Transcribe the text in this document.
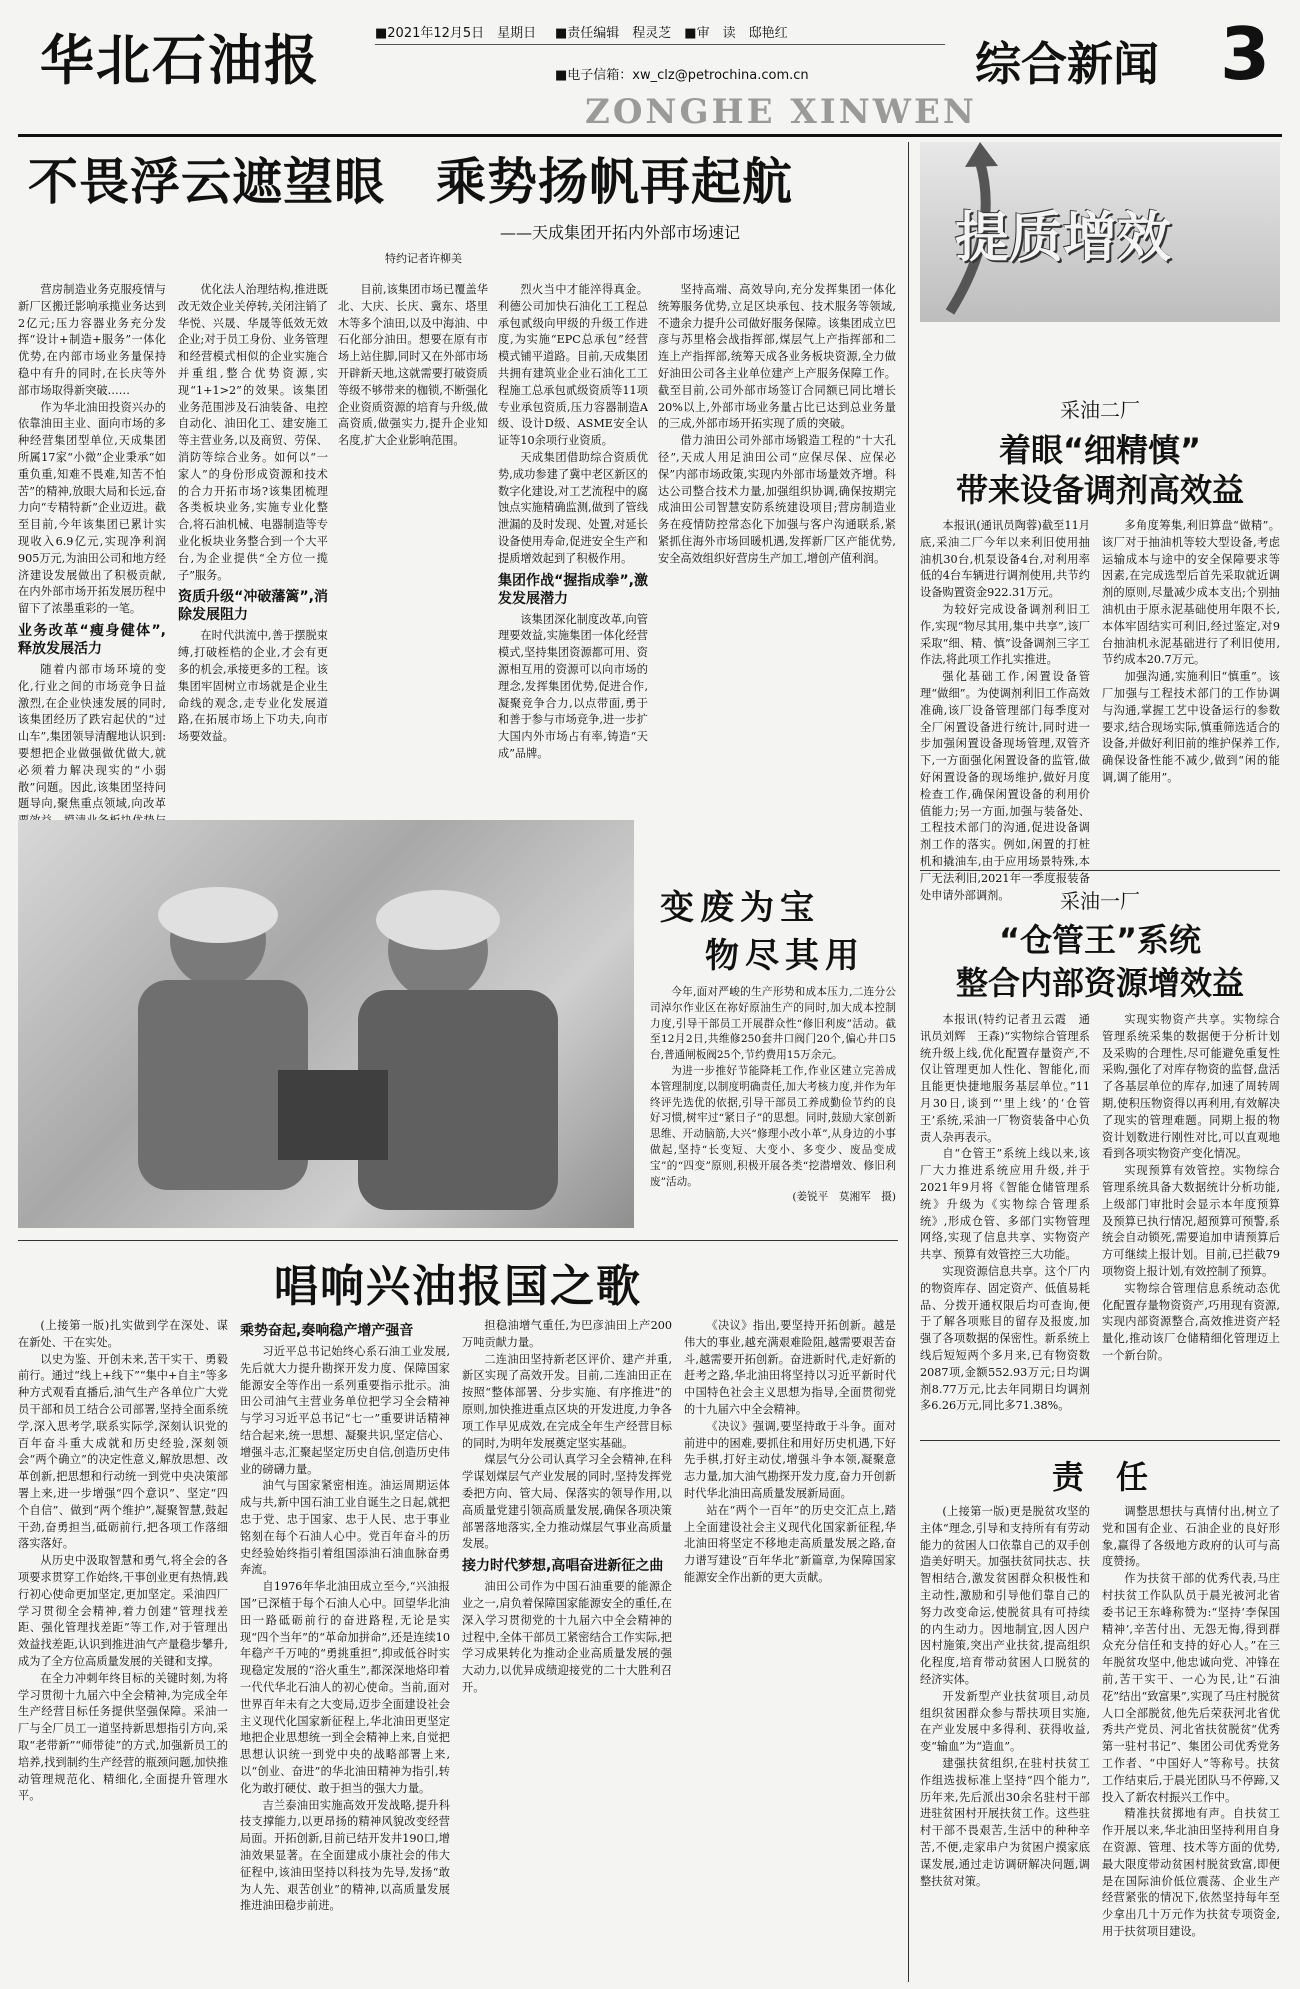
华北石油报	■2021年12月5日　星期日 ■责任编辑　程灵芝　■审　读　邸艳红
■电子信箱：xw_clz@petrochina.com.cn	综合新闻 3
ZONGHE XINWEN
不畏浮云遮望眼　乘势扬帆再起航
——天成集团开拓内外部市场速记
特约记者许柳美

营房制造业务克服疫情与新厂区搬迁影响承揽业务达到2亿元;压力容器业务充分发挥“设计+制造+服务”一体化优势,在内部市场业务量保持稳中有升的同时,在长庆等外部市场取得新突破……

作为华北油田投资兴办的依靠油田主业、面向市场的多种经营集团型单位,天成集团所属17家“小微”企业秉承“如重负重,知难不畏难,知苦不怕苦”的精神,放眼大局和长远,奋力向“专精特新”企业迈进。截至目前,今年该集团已累计实现收入6.9亿元,实现净利润905万元,为油田公司和地方经济建设发展做出了积极贡献,在内外部市场开拓发展历程中留下了浓墨重彩的一笔。

业务改革“瘦身健体”,释放发展活力

随着内部市场环境的变化,行业之间的市场竞争日益激烈,在企业快速发展的同时,该集团经历了跌宕起伏的“过山车”,集团领导清醒地认识到:要想把企业做强做优做大,就必须着力解决现实的“小弱散”问题。因此,该集团坚持问题导向,聚焦重点领域,向改革

优化法人治理结构,推进既改无效企业关停转,关闭注销了华悦、兴晟、华晟等低效无效企业;对于员工身份、业务管理和经营模式相似的企业实施合并重组,整合优势资源,实现“1+1>2”的效果。该集团业务范围涉及石油装备、电控自动化、油田化工、建安施工等主营业务,以及商贸、劳保、消防等综合业务。如何以“一家人”的身份形成资源和技术的合力开拓市场?该集团梳理各类板块业务,实施专业化整合,将石油机械、电器制造等专业化板块业务整合到一个大平台,为企业提供“全方位一揽子”服务。

资质升级“冲破藩篱”,消除发展阻力

在时代洪流中,善于摆脱束缚,打破桎梏的企业,才会有更多的机会,承接更多的工程。该集团牢固树立市场就是企业生命线的观念,走专业化发展道路,在拓展市场上下功夫,向市场要效益。

目前,该集团市场已覆盖华北、大庆、长庆、冀东、塔里木等多个油田,以及中海油、中石化部分油田。想要在原有市场上站住脚,同时又在外部市场开辟新天地,这就需要打破资质等级不够带来的枷锁,不断强化企业资质资源的培育与升级,做高资质,做强实力,提升企业知名度,扩大企业影响范围。

烈火当中才能淬得真金。利德公司加快石油化工工程总承包贰级向甲级的升级工作进度,为实施“EPC总承包”经营模式铺平道路。目前,天成集团共拥有建筑业企业石油化工工程施工总承包贰级资质等11项专业承包资质,压力容器制造A级、设计D级、ASME安全认证等10余项行业资质。

天成集团借助综合资质优势,成功参建了冀中老区新区的数字化建设,对工艺流程中的腐蚀点实施精确监测,做到了管线泄漏的及时发现、处置,对延长设备使用寿命,促进安全生产和提质增效起到了积极作用。

集团作战“握指成拳”,激发发展潜力

该集团深化制度改革,向管理要效益,实施集团一体化经营模式,坚持集团资源都可用、资源相互用的资源可以向市场的理念,发挥集团优势,促进合作,凝聚竞争合力,以点带面,勇于和善于参与市场竞争,进一步扩大国内外市场占有率,铸造“天成”品牌。

坚持高端、高效导向,充分发挥集团一体化统筹服务优势,立足区块承包、技术服务等领域,不遗余力提升公司做好服务保障。该集团成立巴彦与苏里格会战指挥部,煤层气上产指挥部和二连上产指挥部,统筹天成各业务板块资源,全力做好油田公司各主业单位建产上产服务保障工作。截至目前,公司外部市场签订合同额已同比增长20%以上,外部市场业务量占比已达到总业务量的三成,外部市场开拓实现了质的突破。

借力油田公司外部市场锻造工程的“十大孔径”,天成人用足油田公司“应保尽保、应保必保”内部市场政策,实现内外部市场量效齐增。科达公司整合技术力量,加强组织协调,确保按期完成油田公司智慧安防系统建设项目;营房制造业务在疫情防控常态化下加强与客户沟通联系,紧紧抓住海外市场回暖机遇,发挥新厂区产能优势,安全高效组织好营房生产加工,增创产值利润。

提质增效
采油二厂
着眼“细精慎”
带来设备调剂高效益

本报讯(通讯员陶蓉)截至11月底,采油二厂今年以来利旧使用抽油机30台,机泵设备4台,对利用率低的4台车辆进行调剂使用,共节约设备购置资金922.31万元。

为较好完成设备调剂利旧工作,实现“物尽其用,集中共享”,该厂采取“细、精、慎”设备调剂三字工作法,将此项工作扎实推进。

强化基础工作,闲置设备管理“做细”。为使调剂利旧工作高效准确,该厂设备管理部门每季度对全厂闲置设备进行统计,同时进一步加强闲置设备现场管理,双管齐下,一方面强化闲置设备的监管,做好闲置设备的现场维护,做好月度检查工作,确保闲置设备的利用价值能力;另一方面,加强与装备处、工程技术部门的沟通,促进设备调剂工作的落实。例如,闲置的打桩机和撬油车,由于应用场景特殊,本厂无法利旧,2021年一季度报装备处申请外部调剂。

多角度筹集,利旧算盘“做精”。该厂对于抽油机等较大型设备,考虑运输成本与途中的安全保障要求等因素,在完成选型后首先采取就近调剂的原则,尽量减少成本支出;个别抽油机由于原永泥基础使用年限不长,本体牢固结实可利旧,经过鉴定,对9台抽油机永泥基础进行了利旧使用,节约成本20.7万元。

加强沟通,实施利旧“慎重”。该厂加强与工程技术部门的工作协调与沟通,掌握工艺中设备运行的参数要求,结合现场实际,慎重筛选适合的设备,并做好利旧前的维护保养工作,确保设备性能不减少,做到“闲的能调,调了能用”。

变废为宝
物尽其用

今年,面对严峻的生产形势和成本压力,二连分公司淖尔作业区在祢好原油生产的同时,加大成本控制力度,引导干部员工开展群众性“修旧利废”活动。截至12月2日,共维修250套井口阀门20个,偏心井口5台,普通闸板阀25个,节约费用15万余元。

为进一步推好节能降耗工作,作业区建立完善成本管理制度,以制度明确责任,加大考核力度,并作为年终评先选优的依据,引导干部员工养成勤俭节约的良好习惯,树牢过“紧日子”的思想。同时,鼓励大家创新思维、开动脑筋,大兴“修理小改小革”,从身边的小事做起,坚持“长变短、大变小、多变少、废品变成宝”的“四变”原则,积极开展各类“挖潜增效、修旧利废”活动。

(姜锐平　莫湘军　摄)
采油一厂
“仓管王”系统
整合内部资源增效益

本报讯(特约记者丑云霞　通讯员刘辉　王森)“实物综合管理系统升级上线,优化配置存量资产,不仅让管理更加人性化、智能化,而且能更快捷地服务基层单位。”11月30日,谈到“‘里上线’的‘仓管王’系统,采油一厂物资装备中心负责人杂再表示。

自“仓管王”系统上线以来,该厂大力推进系统应用升级,并于2021年9月将《智能仓储管理系统》升级为《实物综合管理系统》,形成仓管、多部门实物管理网络,实现了信息共享、实物资产共享、预算有效管控三大功能。

实现资源信息共享。这个厂内的物资库存、固定资产、低值易耗品、分拨开通权限后均可查询,便于了解各项账目的留存及报废,加强了各项数据的保密性。新系统上线后短短两个多月来,已有物资数2087项,金额552.93万元;日均调剂8.77万元,比去年同期日均调剂多6.26万元,同比多71.38%。

实现实物资产共享。实物综合管理系统采集的数据便于分析计划及采购的合理性,尽可能避免重复性采购,强化了对库存物资的监督,盘活了各基层单位的库存,加速了周转周期,使积压物资得以再利用,有效解决了现实的管理难题。同期上报的物资计划数进行刚性对比,可以直观地看到各项实物资产变化情况。

实现预算有效管控。实物综合管理系统具备大数据统计分析功能,上级部门审批时会显示本年度预算及预算已执行情况,超预算可预警,系统会自动锁死,需要追加申请预算后方可继续上报计划。目前,已拦截79项物资上报计划,有效控制了预算。

实物综合管理信息系统动态优化配置存量物资资产,巧用现有资源,实现内部资源整合,高效推进资产轻量化,推动该厂仓储精细化管理迈上一个新台阶。

唱响兴油报国之歌

(上接第一版)扎实做到学在深处、谋在新处、干在实处。

以史为鉴、开创未来,苦干实干、勇毅前行。通过“线上+线下”“集中+自主”等多种方式观看直播后,油气生产各单位广大党员干部和员工结合公司部署,坚持全面系统学,深入思考学,联系实际学,深刻认识党的百年奋斗重大成就和历史经验,深刻领会“两个确立”的决定性意义,解放思想、改革创新,把思想和行动统一到党中央决策部署上来,进一步增强“四个意识”、坚定“四个自信”、做到“两个维护”,凝聚智慧,鼓起干劲,奋勇担当,砥砺前行,把各项工作落细落实落好。

从历史中汲取智慧和勇气,将全会的各项要求贯穿工作始终,干事创业更有热情,践行初心使命更加坚定,更加坚定。采油四厂学习贯彻全会精神,着力创建“管理找差距、强化管理找差距”等工作,对于管理出效益找差距,认识到推进油气产量稳步攀升,成为了全方位高质量发展的关键和支撑。

在全力冲刺年终目标的关键时刻,为将学习贯彻十九届六中全会精神,为完成全年生产经营目标任务提供坚强保障。采油一厂与全厂员工一道坚持新思想指引方向,采取“老带新”“师带徒”的方式,加强新员工的培养,找到制约生产经营的瓶颈问题,加快推动管理规范化、精细化,全面提升管理水平。

乘势奋起,奏响稳产增产强音

习近平总书记始终心系石油工业发展,先后就大力提升勘探开发力度、保障国家能源安全等作出一系列重要指示批示。油田公司油气主营业务单位把学习全会精神与学习习近平总书记“七一”重要讲话精神结合起来,统一思想、凝聚共识,坚定信心、增强斗志,汇聚起坚定历史自信,创造历史伟业的磅礴力量。

油气与国家紧密相连。油运周期运体成与共,新中国石油工业自诞生之日起,就把忠于党、忠于国家、忠于人民、忠于事业铭刻在每个石油人心中。党百年奋斗的历史经验始终指引着组国添油石油血脉奋勇奔流。

自1976年华北油田成立至今,“兴油报国”已深植于每个石油人心中。回望华北油田一路砥砺前行的奋进路程,无论是实现“四个当年”的“革命加拼命”,还是连续10年稳产千万吨的“勇挑重担”,抑或低谷时实现稳定发展的“浴火重生”,都深深地烙印着一代代华北石油人的初心使命。当前,面对世界百年未有之大变局,迈步全面建设社会主义现代化国家新征程上,华北油田更坚定地把企业思想统一到全会精神上来,自觉把思想认识统一到党中央的战略部署上来,以“创业、奋进”的华北油田精神为指引,转化为敢打硬仗、敢于担当的强大力量。

吉兰泰油田实施高效开发战略,提升科技支撑能力,以更昂扬的精神风貌改变经营局面。开拓创新,目前已结开发井190口,增油效果显著。在全面建成小康社会的伟大征程中,该油田坚持以科技为先导,发扬“敢为人先、艰苦创业”的精神,以高质量发展推进油田稳步前进。

担稳油增气重任,为巴彦油田上产200万吨贡献力量。

二连油田坚持新老区评价、建产并重,新区实现了高效开发。目前,二连油田正在按照“整体部署、分步实施、有序推进”的原则,加快推进重点区块的开发进度,力争各项工作早见成效,在完成全年生产经营目标的同时,为明年发展奠定坚实基础。

煤层气分公司认真学习全会精神,在科学谋划煤层气产业发展的同时,坚持发挥党委把方向、管大局、保落实的领导作用,以高质量党建引领高质量发展,确保各项决策部署落地落实,全力推动煤层气事业高质量发展。

接力时代梦想,高唱奋进新征之曲

油田公司作为中国石油重要的能源企业之一,肩负着保障国家能源安全的重任,在深入学习贯彻党的十九届六中全会精神的过程中,全体干部员工紧密结合工作实际,把学习成果转化为推动企业高质量发展的强大动力,以优异成绩迎接党的二十大胜利召开。

《决议》指出,要坚持开拓创新。越是伟大的事业,越充满艰难险阻,越需要艰苦奋斗,越需要开拓创新。奋进新时代,走好新的赶考之路,华北油田将坚持以习近平新时代中国特色社会主义思想为指导,全面贯彻党的十九届六中全会精神。

《决议》强调,要坚持敢于斗争。面对前进中的困难,要抓住和用好历史机遇,下好先手棋,打好主动仗,增强斗争本领,凝聚意志力量,加大油气勘探开发力度,奋力开创新时代华北油田高质量发展新局面。

站在“两个一百年”的历史交汇点上,踏上全面建设社会主义现代化国家新征程,华北油田将坚定不移地走高质量发展之路,奋力谱写建设“百年华北”新篇章,为保障国家能源安全作出新的更大贡献。

责　任

(上接第一版)更是脱贫攻坚的主体“理念,引导和支持所有有劳动能力的贫困人口依靠自己的双手创造美好明天。加强扶贫同扶志、扶智相结合,激发贫困群众积极性和主动性,激励和引导他们靠自己的努力改变命运,使脱贫具有可持续的内生动力。因地制宜,因人因户因村施策,突出产业扶贫,提高组织化程度,培育带动贫困人口脱贫的经济实体。

开发新型产业扶贫项目,动员组织贫困群众参与帮扶项目实施,在产业发展中多得利、获得收益,变“输血”为“造血”。

建强扶贫组织,在驻村扶贫工作组选拔标准上坚持“四个能力”,历年来,先后派出30余名驻村干部进驻贫困村开展扶贫工作。这些驻村干部不畏艰苦,生活中的种种辛苦,不便,走家串户为贫困户摸家底谋发展,通过走访调研解决问题,调整扶贫对策。

调整思想扶与真情付出,树立了党和国有企业、石油企业的良好形象,赢得了各级地方政府的认可与高度赞扬。

作为扶贫干部的优秀代表,马庄村扶贫工作队队员于晨光被河北省委书记王东峰称赞为:“坚持‘李保国精神’,辛苦付出、无怨无悔,得到群众充分信任和支持的好心人。”在三年脱贫攻坚中,他忠诚向党、冲锋在前,苦干实干、一心为民,让“石油花”结出“致富果”,实现了马庄村脱贫人口全部脱贫,他先后荣获河北省优秀共产党员、河北省扶贫脱贫“优秀第一驻村书记”、集团公司优秀党务工作者、“中国好人”等称号。扶贫工作结束后,于晨光团队马不停蹄,又投入了新农村振兴工作中。

精准扶贫掷地有声。自扶贫工作开展以来,华北油田坚持利用自身在资源、管理、技术等方面的优势,最大限度带动贫困村脱贫致富,即便是在国际油价低位震荡、企业生产经营紧张的情况下,依然坚持每年至少拿出几十万元作为扶贫专项资金,用于扶贫项目建设。
